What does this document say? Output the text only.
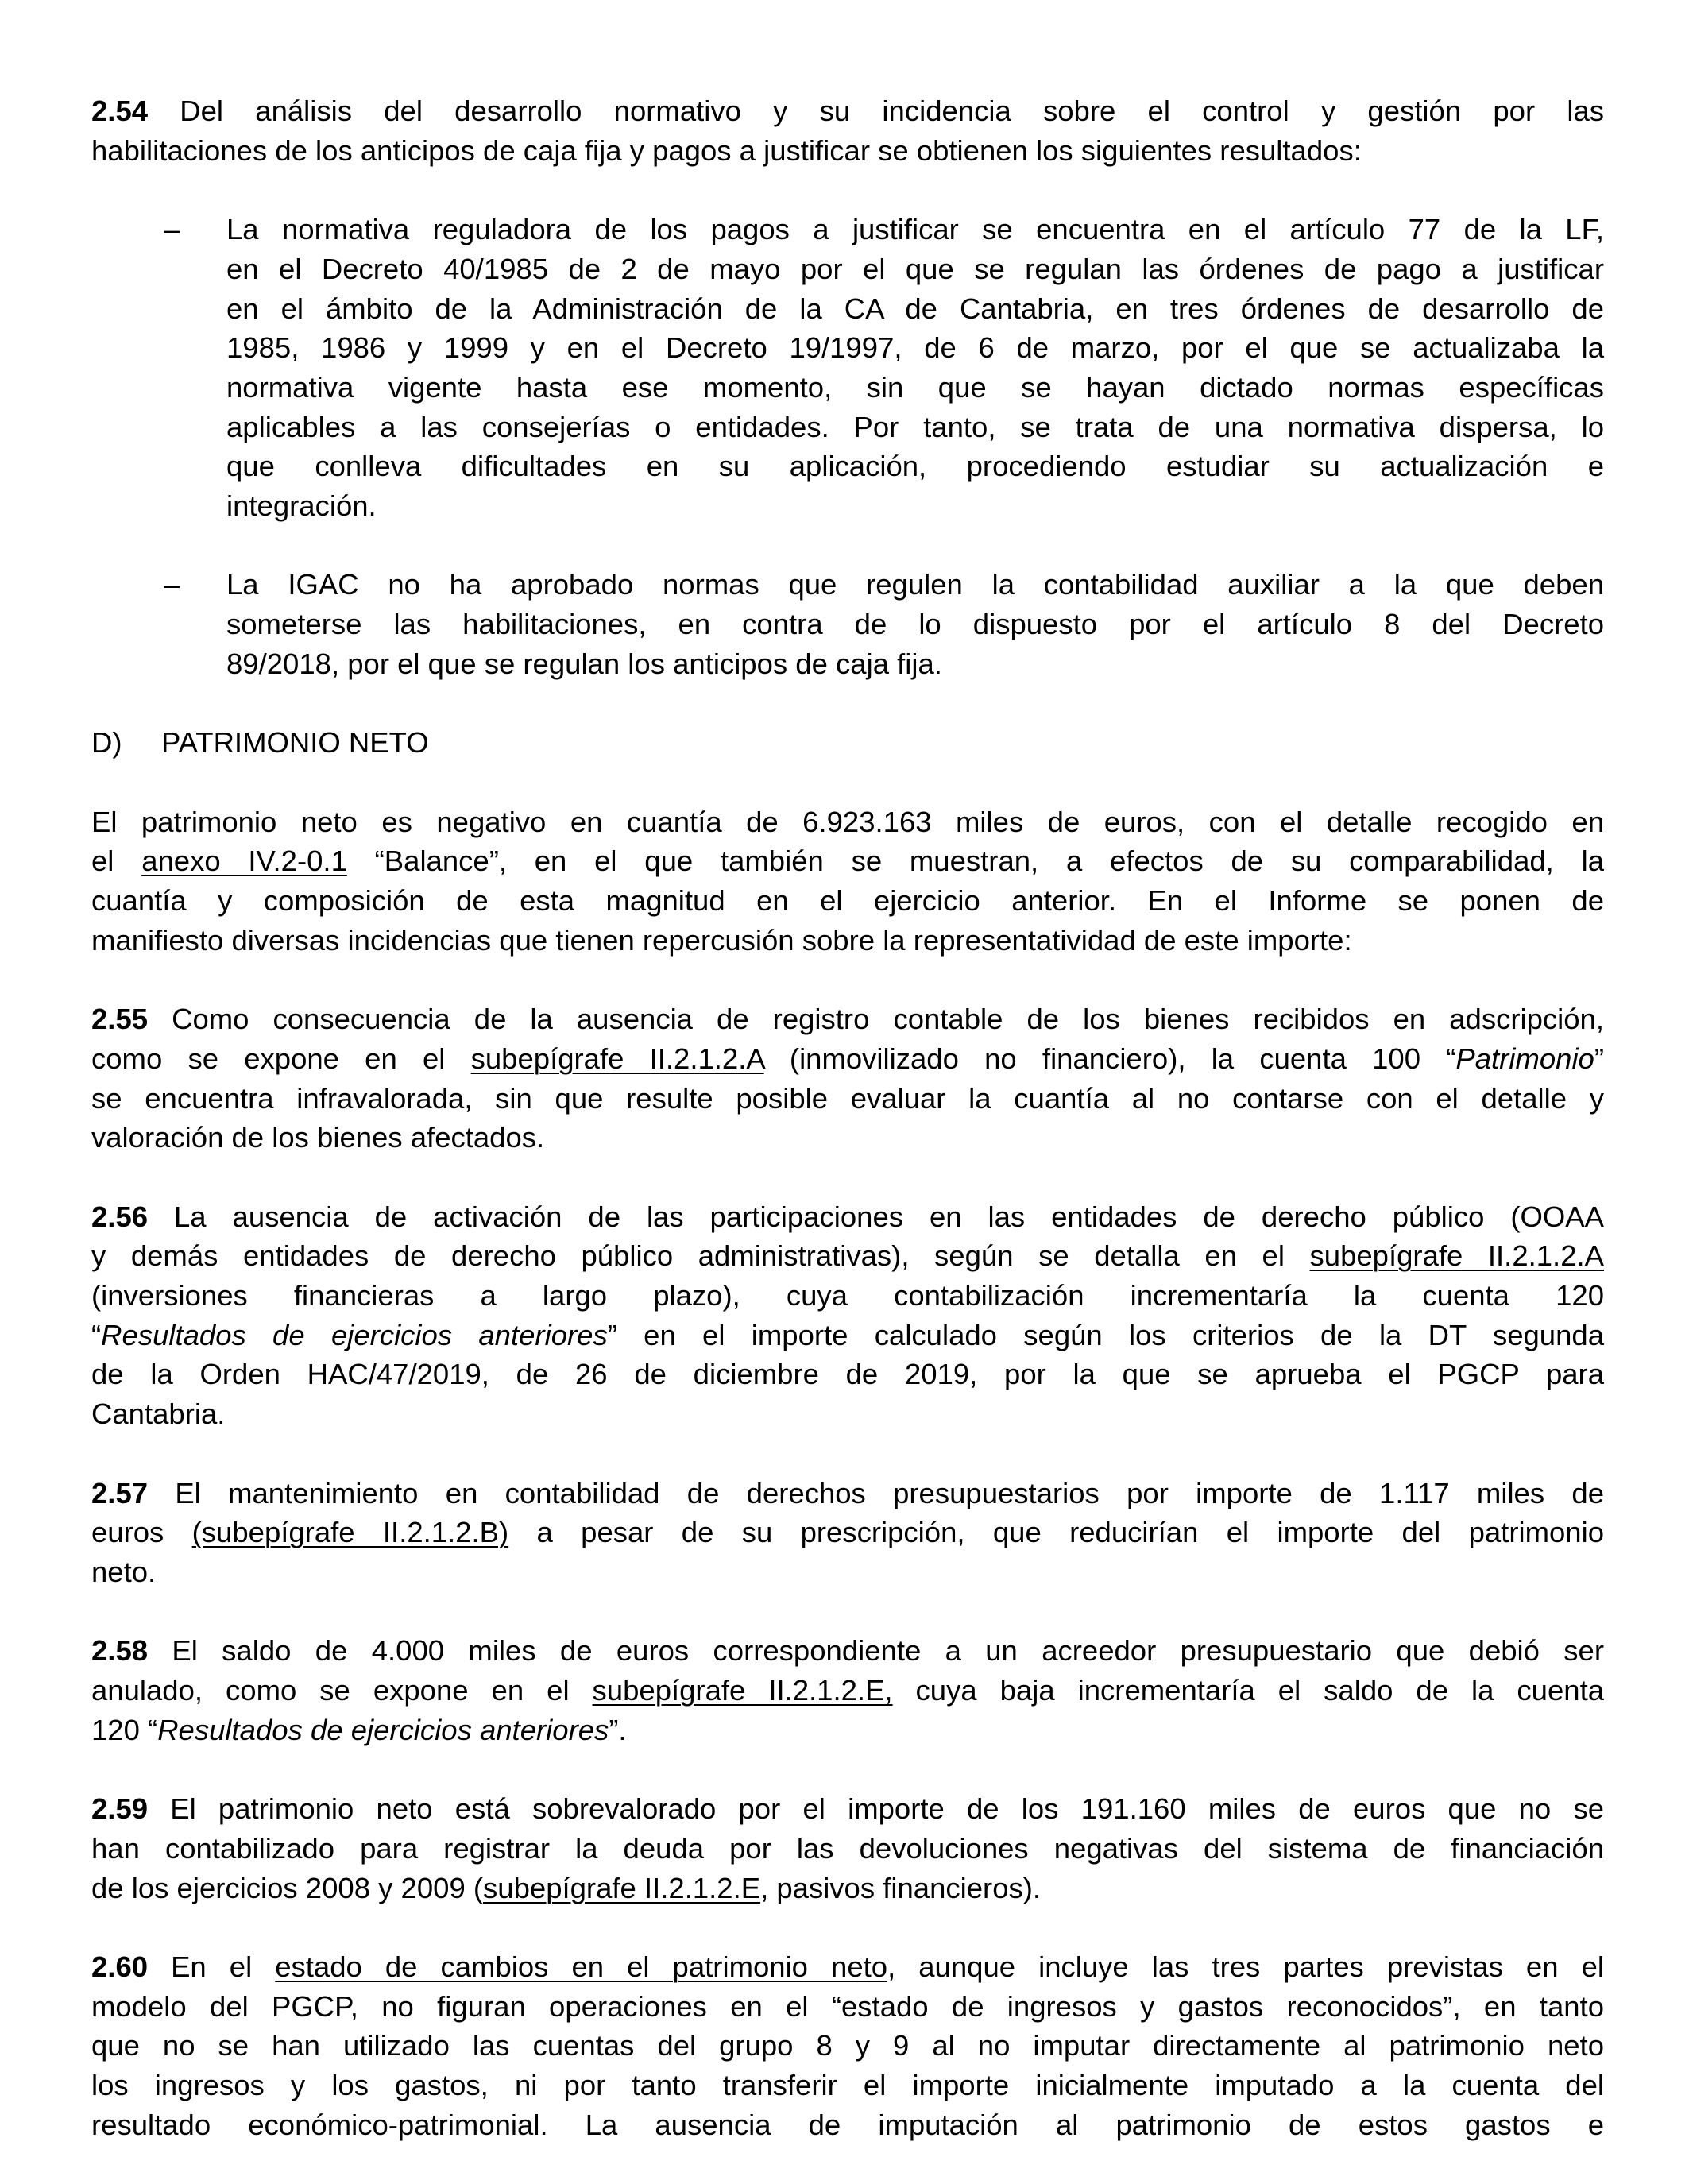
2.54 Del análisis del desarrollo normativo y su incidencia sobre el control y gestión por las
habilitaciones de los anticipos de caja fija y pagos a justificar se obtienen los siguientes resultados:
– La normativa reguladora de los pagos a justificar se encuentra en el artículo 77 de la LF,
en el Decreto 40/1985 de 2 de mayo por el que se regulan las órdenes de pago a justificar
en el ámbito de la Administración de la CA de Cantabria, en tres órdenes de desarrollo de
1985, 1986 y 1999 y en el Decreto 19/1997, de 6 de marzo, por el que se actualizaba la
normativa vigente hasta ese momento, sin que se hayan dictado normas específicas
aplicables a las consejerías o entidades. Por tanto, se trata de una normativa dispersa, lo
que conlleva dificultades en su aplicación, procediendo estudiar su actualización e
integración.
– La IGAC no ha aprobado normas que regulen la contabilidad auxiliar a la que deben
someterse las habilitaciones, en contra de lo dispuesto por el artículo 8 del Decreto
89/2018, por el que se regulan los anticipos de caja fija.
D)	PATRIMONIO NETO
El patrimonio neto es negativo en cuantía de 6.923.163 miles de euros, con el detalle recogido en
el anexo IV.2-0.1 “Balance”, en el que también se muestran, a efectos de su comparabilidad, la
cuantía y composición de esta magnitud en el ejercicio anterior. En el Informe se ponen de
manifiesto diversas incidencias que tienen repercusión sobre la representatividad de este importe:
2.55 Como consecuencia de la ausencia de registro contable de los bienes recibidos en adscripción,
como se expone en el subepígrafe II.2.1.2.A (inmovilizado no financiero), la cuenta 100 “Patrimonio”
se encuentra infravalorada, sin que resulte posible evaluar la cuantía al no contarse con el detalle y
valoración de los bienes afectados.
2.56 La ausencia de activación de las participaciones en las entidades de derecho público (OOAA
y demás entidades de derecho público administrativas), según se detalla en el subepígrafe II.2.1.2.A
(inversiones financieras a largo plazo), cuya contabilización incrementaría la cuenta 120
“Resultados de ejercicios anteriores” en el importe calculado según los criterios de la DT segunda
de la Orden HAC/47/2019, de 26 de diciembre de 2019, por la que se aprueba el PGCP para
Cantabria.
2.57 El mantenimiento en contabilidad de derechos presupuestarios por importe de 1.117 miles de
euros (subepígrafe II.2.1.2.B) a pesar de su prescripción, que reducirían el importe del patrimonio
neto.
2.58 El saldo de 4.000 miles de euros correspondiente a un acreedor presupuestario que debió ser
anulado, como se expone en el subepígrafe II.2.1.2.E, cuya baja incrementaría el saldo de la cuenta
120 “Resultados de ejercicios anteriores”.
2.59 El patrimonio neto está sobrevalorado por el importe de los 191.160 miles de euros que no se
han contabilizado para registrar la deuda por las devoluciones negativas del sistema de financiación
de los ejercicios 2008 y 2009 (subepígrafe II.2.1.2.E, pasivos financieros).
2.60 En el estado de cambios en el patrimonio neto, aunque incluye las tres partes previstas en el
modelo del PGCP, no figuran operaciones en el “estado de ingresos y gastos reconocidos”, en tanto
que no se han utilizado las cuentas del grupo 8 y 9 al no imputar directamente al patrimonio neto
los ingresos y los gastos, ni por tanto transferir el importe inicialmente imputado a la cuenta del
resultado económico-patrimonial. La ausencia de imputación al patrimonio de estos gastos e
